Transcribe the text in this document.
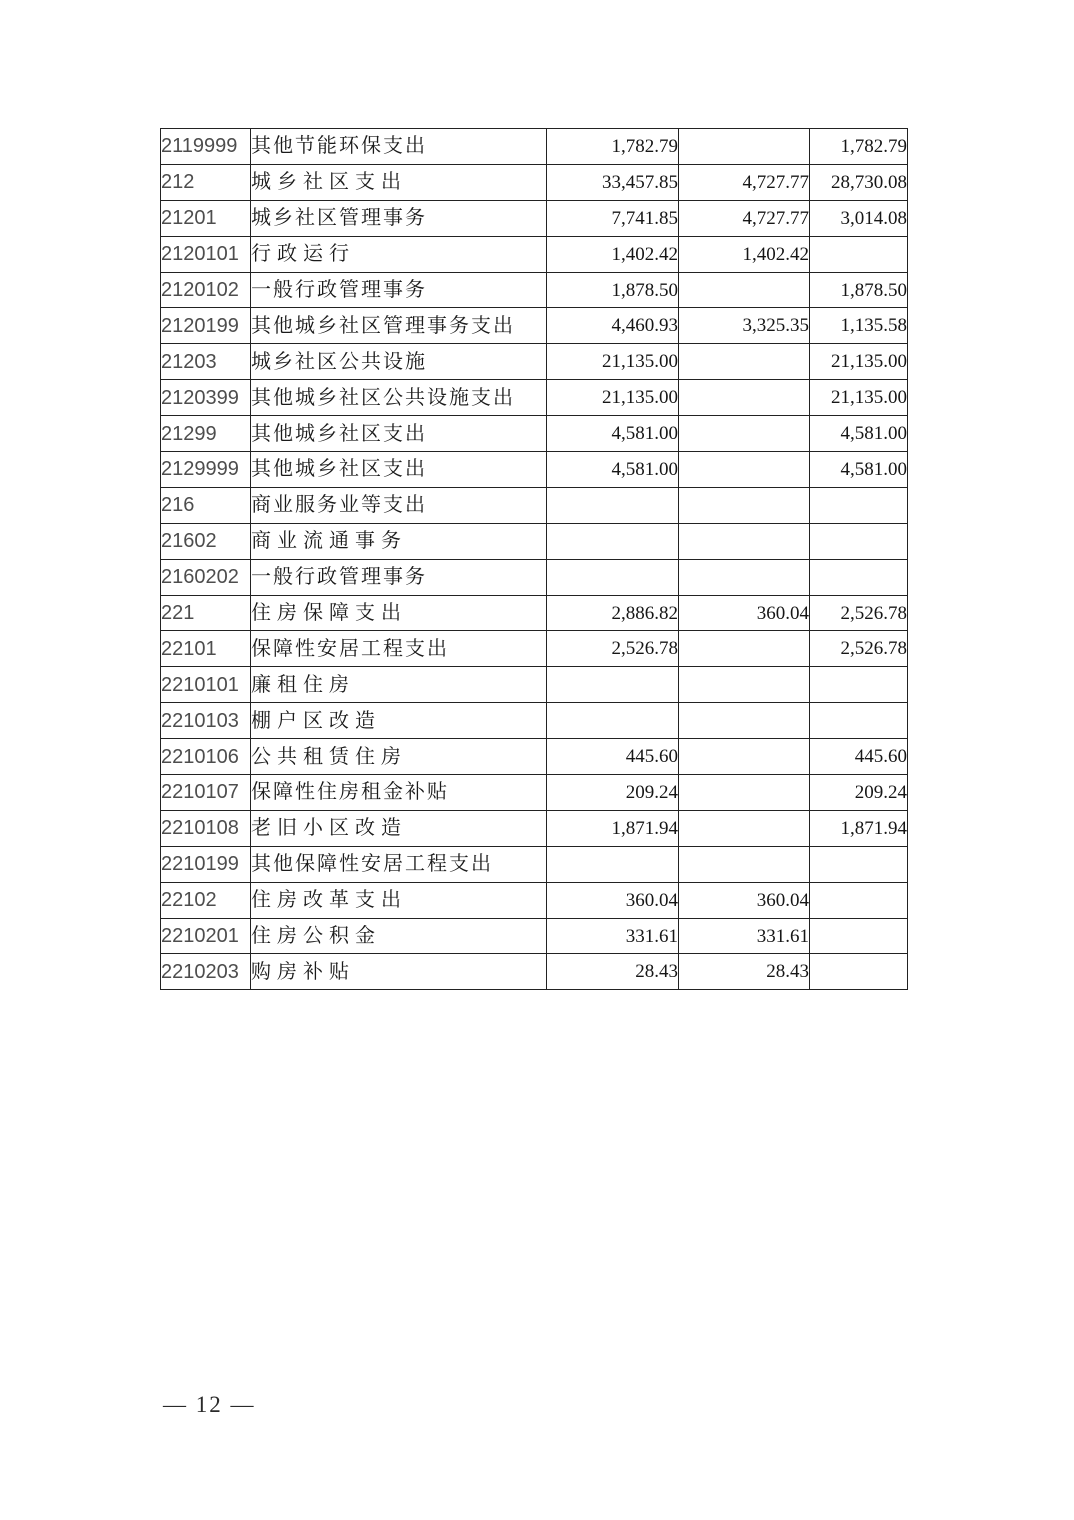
2119999	其他节能环保支出	1,782.79		1,782.79
212	城乡社区支出	33,457.85	4,727.77	28,730.08
21201	城乡社区管理事务	7,741.85	4,727.77	3,014.08
2120101	行政运行	1,402.42	1,402.42	
2120102	一般行政管理事务	1,878.50		1,878.50
2120199	其他城乡社区管理事务支出	4,460.93	3,325.35	1,135.58
21203	城乡社区公共设施	21,135.00		21,135.00
2120399	其他城乡社区公共设施支出	21,135.00		21,135.00
21299	其他城乡社区支出	4,581.00		4,581.00
2129999	其他城乡社区支出	4,581.00		4,581.00
216	商业服务业等支出			
21602	商业流通事务			
2160202	一般行政管理事务			
221	住房保障支出	2,886.82	360.04	2,526.78
22101	保障性安居工程支出	2,526.78		2,526.78
2210101	廉租住房			
2210103	棚户区改造			
2210106	公共租赁住房	445.60		445.60
2210107	保障性住房租金补贴	209.24		209.24
2210108	老旧小区改造	1,871.94		1,871.94
2210199	其他保障性安居工程支出			
22102	住房改革支出	360.04	360.04	
2210201	住房公积金	331.61	331.61	
2210203	购房补贴	28.43	28.43	
— 12 —
